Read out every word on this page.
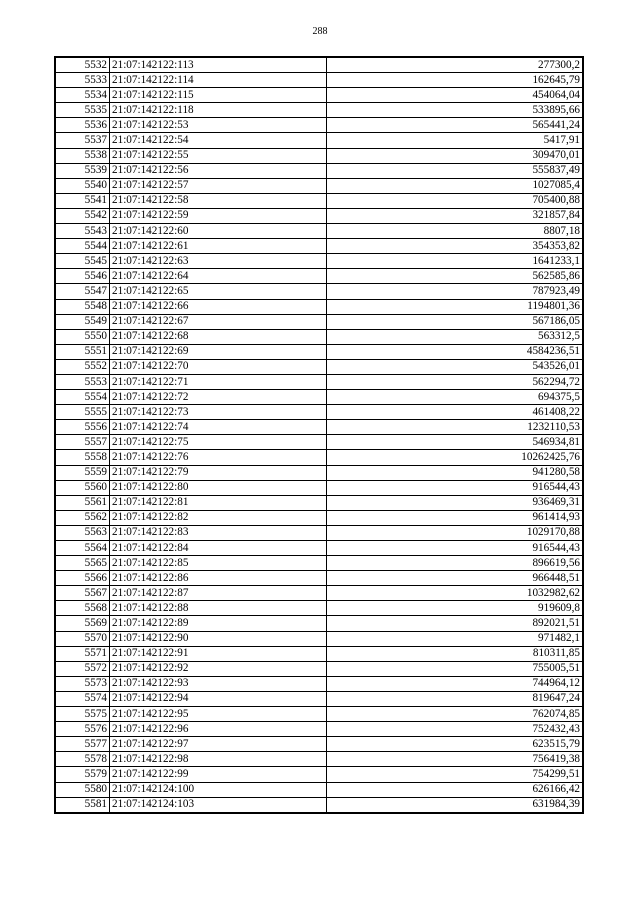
288
5532	21:07:142122:113	277300,2
5533	21:07:142122:114	162645,79
5534	21:07:142122:115	454064,04
5535	21:07:142122:118	533895,66
5536	21:07:142122:53	565441,24
5537	21:07:142122:54	5417,91
5538	21:07:142122:55	309470,01
5539	21:07:142122:56	555837,49
5540	21:07:142122:57	1027085,4
5541	21:07:142122:58	705400,88
5542	21:07:142122:59	321857,84
5543	21:07:142122:60	8807,18
5544	21:07:142122:61	354353,82
5545	21:07:142122:63	1641233,1
5546	21:07:142122:64	562585,86
5547	21:07:142122:65	787923,49
5548	21:07:142122:66	1194801,36
5549	21:07:142122:67	567186,05
5550	21:07:142122:68	563312,5
5551	21:07:142122:69	4584236,51
5552	21:07:142122:70	543526,01
5553	21:07:142122:71	562294,72
5554	21:07:142122:72	694375,5
5555	21:07:142122:73	461408,22
5556	21:07:142122:74	1232110,53
5557	21:07:142122:75	546934,81
5558	21:07:142122:76	10262425,76
5559	21:07:142122:79	941280,58
5560	21:07:142122:80	916544,43
5561	21:07:142122:81	936469,31
5562	21:07:142122:82	961414,93
5563	21:07:142122:83	1029170,88
5564	21:07:142122:84	916544,43
5565	21:07:142122:85	896619,56
5566	21:07:142122:86	966448,51
5567	21:07:142122:87	1032982,62
5568	21:07:142122:88	919609,8
5569	21:07:142122:89	892021,51
5570	21:07:142122:90	971482,1
5571	21:07:142122:91	810311,85
5572	21:07:142122:92	755005,51
5573	21:07:142122:93	744964,12
5574	21:07:142122:94	819647,24
5575	21:07:142122:95	762074,85
5576	21:07:142122:96	752432,43
5577	21:07:142122:97	623515,79
5578	21:07:142122:98	756419,38
5579	21:07:142122:99	754299,51
5580	21:07:142124:100	626166,42
5581	21:07:142124:103	631984,39
